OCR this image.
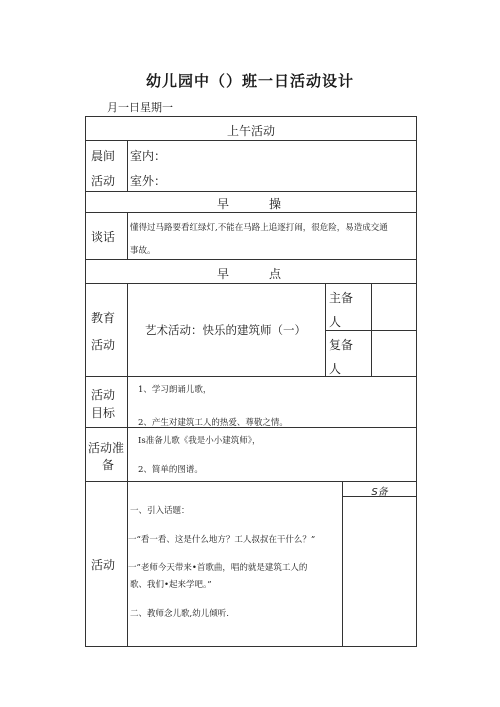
幼儿园中（）班一日活动设计
月一日星期一
上午活动
晨间
活动
室内：
室外：
早	操
谈话
懂得过马路要看红绿灯,不能在马路上追逐打闹，很危险，易造成交通
事故。
早	点
教育
活动
艺术活动：快乐的建筑师（一）
主备
人
复备
人
活动
目标
1、学习朗诵儿歌，
2、产生对建筑工人的热爱、尊敬之情。
活动准
备
Is准备儿歌《我是小小建筑师》，
2、简单的图谱。
活动
一、引入话题：
一“看一看、这是什么地方？工人叔叔在干什么？”
一”老师今天带来•首歌曲，唱的就是建筑工人的
歌、我们•起来学吧。”
二、教师念儿歌,幼儿倾听.
S备
